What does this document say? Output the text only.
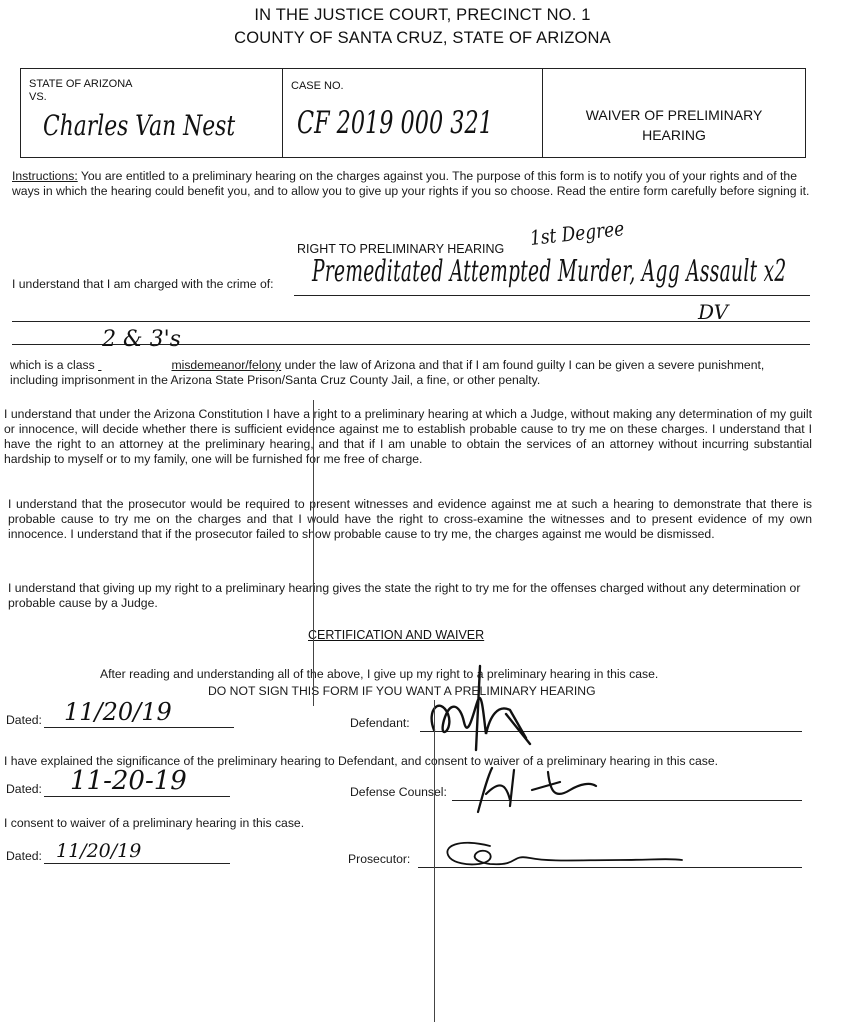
IN THE JUSTICE COURT, PRECINCT NO. 1
COUNTY OF SANTA CRUZ, STATE OF ARIZONA
STATE OF ARIZONA
VS.
Charles Van Nest
CASE NO.
CF 2019 000 321	WAIVER OF PRELIMINARY
HEARING

Instructions: You are entitled to a preliminary hearing on the charges against you. The purpose of this form is to notify you of your rights and of the ways in which the hearing could benefit you, and to allow you to give up your rights if you so choose. Read the entire form carefully before signing it.

RIGHT TO PRELIMINARY HEARING 1st Degree
I understand that I am charged with the crime of: Premeditated Attempted Murder, Agg Assault x2
DV

which is a class
2 & 3's
misdemeanor/felony under the law of Arizona and that if I am found guilty I can be given a severe punishment, including imprisonment in the Arizona State Prison/Santa Cruz County Jail, a fine, or other penalty.

I understand that under the Arizona Constitution I have a right to a preliminary hearing at which a Judge, without making any determination of my guilt or innocence, will decide whether there is sufficient evidence against me to establish probable cause to try me on these charges. I understand that I have the right to an attorney at the preliminary hearing, and that if I am unable to obtain the services of an attorney without incurring substantial hardship to myself or to my family, one will be furnished for me free of charge.

I understand that the prosecutor would be required to present witnesses and evidence against me at such a hearing to demonstrate that there is probable cause to try me on the charges and that I would have the right to cross-examine the witnesses and to present evidence of my own innocence. I understand that if the prosecutor failed to show probable cause to try me, the charges against me would be dismissed.

I understand that giving up my right to a preliminary hearing gives the state the right to try me for the offenses charged without any determination or probable cause by a Judge.

CERTIFICATION AND WAIVER
After reading and understanding all of the above, I give up my right to a preliminary hearing in this case.
DO NOT SIGN THIS FORM IF YOU WANT A PRELIMINARY HEARING
Dated: 11/20/19	Defendant:
I have explained the significance of the preliminary hearing to Defendant, and consent to waiver of a preliminary hearing in this case.
Dated: 11-20-19	Defense Counsel:
I consent to waiver of a preliminary hearing in this case.
Dated: 11/20/19	Prosecutor:
